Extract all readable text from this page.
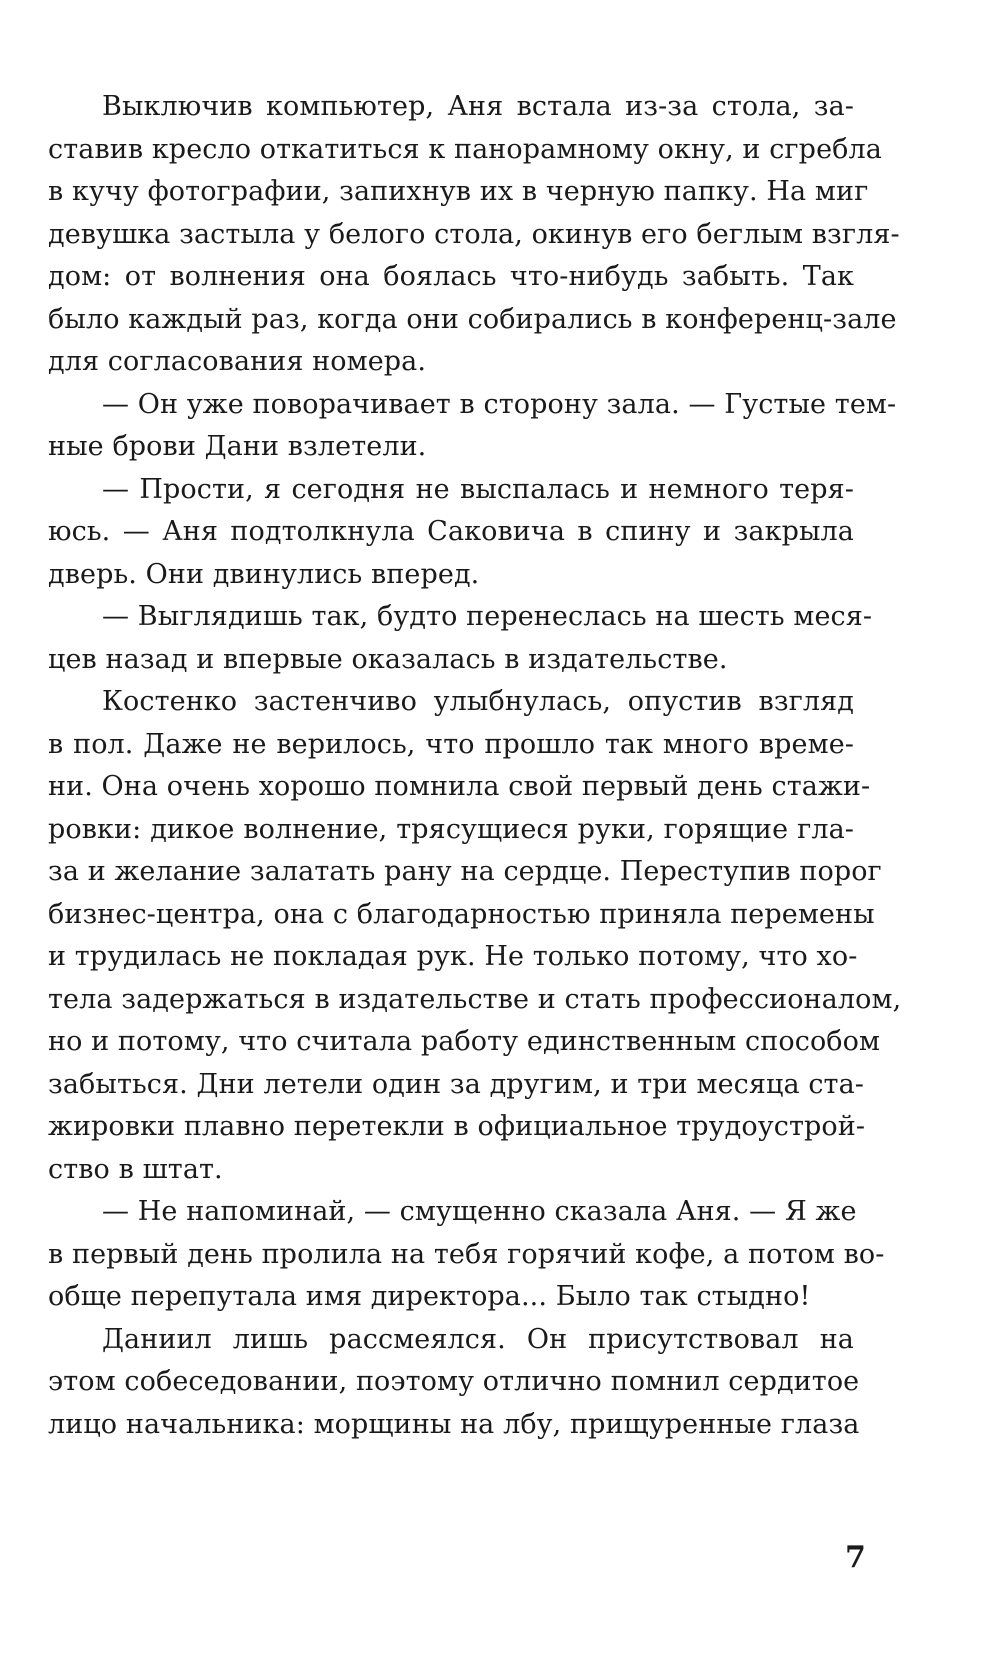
Выключив компьютер, Аня встала из-за стола, за-
ставив кресло откатиться к панорамному окну, и сгребла
в кучу фотографии, запихнув их в черную папку. На миг
девушка застыла у белого стола, окинув его беглым взгля-
дом: от волнения она боялась что-нибудь забыть. Так
было каждый раз, когда они собирались в конференц-зале
для согласования номера.
— Он уже поворачивает в сторону зала. — Густые тем-
ные брови Дани взлетели.
— Прости, я сегодня не выспалась и немного теря-
юсь. — Аня подтолкнула Саковича в спину и закрыла
дверь. Они двинулись вперед.
— Выглядишь так, будто перенеслась на шесть меся-
цев назад и впервые оказалась в издательстве.
Костенко застенчиво улыбнулась, опустив взгляд
в пол. Даже не верилось, что прошло так много време-
ни. Она очень хорошо помнила свой первый день стажи-
ровки: дикое волнение, трясущиеся руки, горящие гла-
за и желание залатать рану на сердце. Переступив порог
бизнес-центра, она с благодарностью приняла перемены
и трудилась не покладая рук. Не только потому, что хо-
тела задержаться в издательстве и стать профессионалом,
но и потому, что считала работу единственным способом
забыться. Дни летели один за другим, и три месяца ста-
жировки плавно перетекли в официальное трудоустрой-
ство в штат.
— Не напоминай, — смущенно сказала Аня. — Я же
в первый день пролила на тебя горячий кофе, а потом во-
обще перепутала имя директора... Было так стыдно!
Даниил лишь рассмеялся. Он присутствовал на
этом собеседовании, поэтому отлично помнил сердитое
лицо начальника: морщины на лбу, прищуренные глаза
7
